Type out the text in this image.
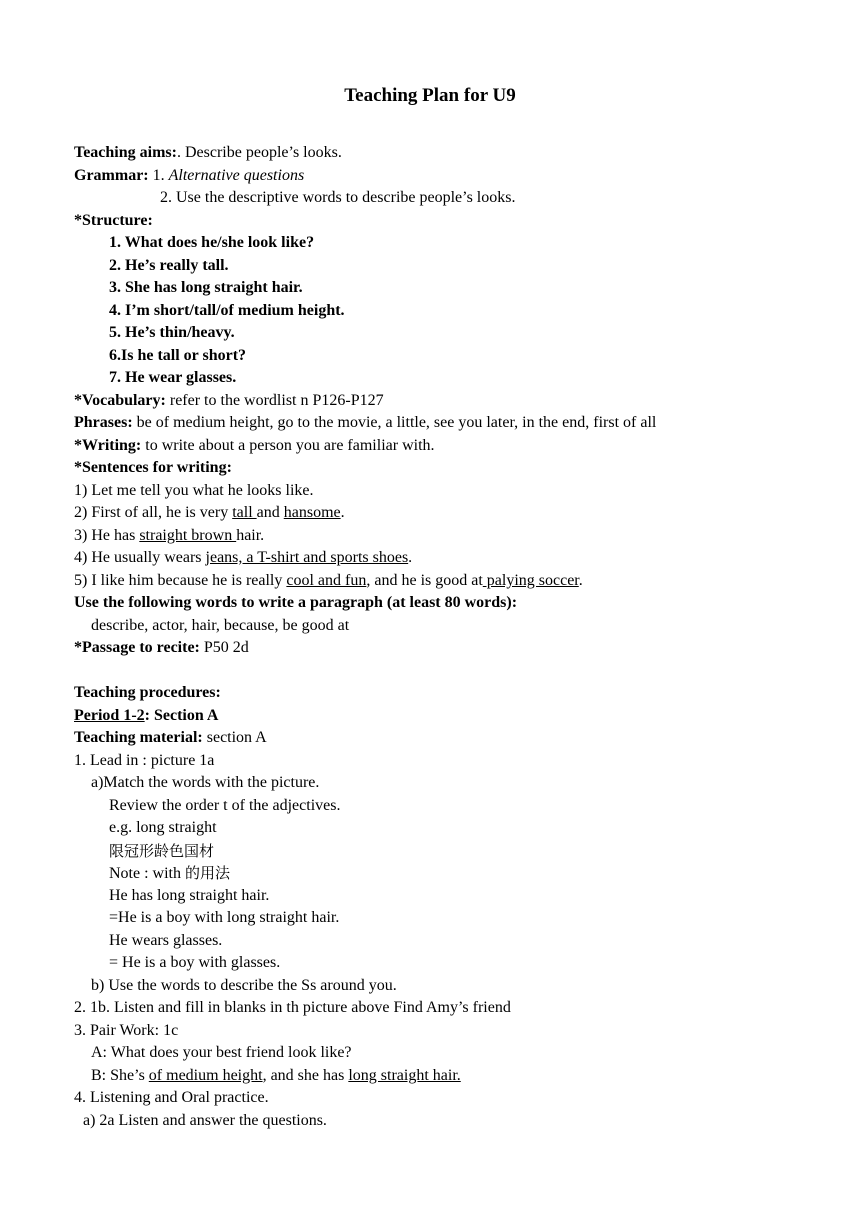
Teaching Plan for U9
Teaching aims:. Describe people’s looks.
Grammar: 1. Alternative questions
2. Use the descriptive words to describe people’s looks.
*Structure:
1. What does he/she look like?
2. He’s really tall.
3. She has long straight hair.
4. I’m short/tall/of medium height.
5. He’s thin/heavy.
6.Is he tall or short?
7. He wear glasses.
*Vocabulary: refer to the wordlist n P126-P127
Phrases: be of medium height, go to the movie, a little, see you later, in the end, first of all
*Writing: to write about a person you are familiar with.
*Sentences for writing:
1) Let me tell you what he looks like.
2) First of all, he is very tall and hansome.
3) He has straight brown hair.
4) He usually wears jeans, a T-shirt and sports shoes.
5) I like him because he is really cool and fun, and he is good at palying soccer.
Use the following words to write a paragraph (at least 80 words):
describe, actor, hair, because, be good at
*Passage to recite: P50 2d
Teaching procedures:
Period 1-2: Section A
Teaching material: section A
1. Lead in : picture 1a
a)Match the words with the picture.
Review the order t of the adjectives.
e.g. long straight
限冠形龄色国材
Note : with 的用法
He has long straight hair.
=He is a boy with long straight hair.
He wears glasses.
= He is a boy with glasses.
b) Use the words to describe the Ss around you.
2. 1b. Listen and fill in blanks in th picture above Find Amy’s friend
3. Pair Work: 1c
A: What does your best friend look like?
B: She’s of medium height, and she has long straight hair.
4. Listening and Oral practice.
a) 2a Listen and answer the questions.
